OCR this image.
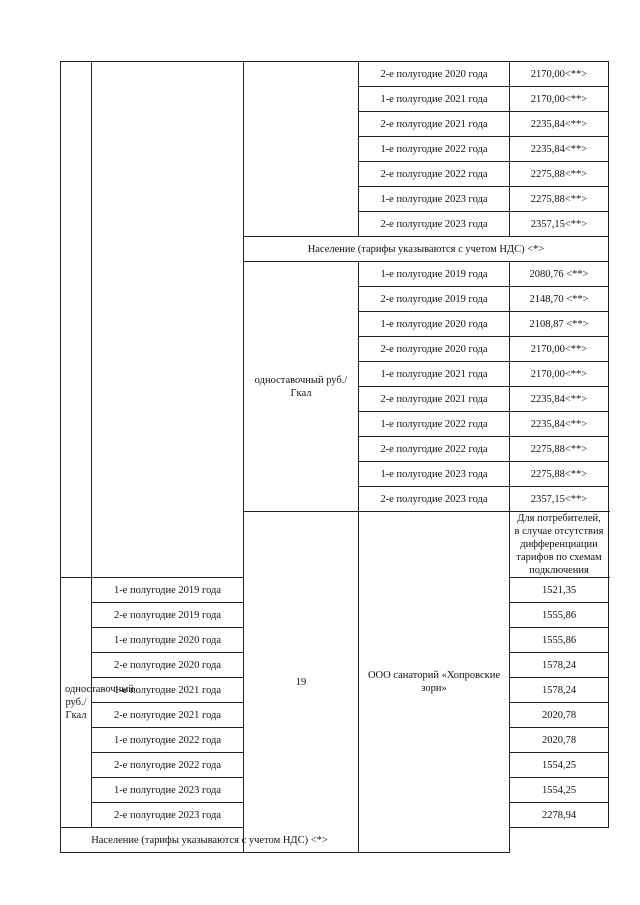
			2-е полугодие 2020 года	2170,00<**>
			1-е полугодие 2021 года	2170,00<**>
			2-е полугодие 2021 года	2235,84<**>
			1-е полугодие 2022 года	2235,84<**>
			2-е полугодие 2022 года	2275,88<**>
			1-е полугодие 2023 года	2275,88<**>
			2-е полугодие 2023 года	2357,15<**>
		Население (тарифы указываются с учетом НДС) <*>		
		одноставочный руб./Гкал	1-е полугодие 2019 года	2080,76 <**>
			2-е полугодие 2019 года	2148,70 <**>
			1-е полугодие 2020 года	2108,87 <**>
			2-е полугодие 2020 года	2170,00<**>
			1-е полугодие 2021 года	2170,00<**>
			2-е полугодие 2021 года	2235,84<**>
			1-е полугодие 2022 года	2235,84<**>
			2-е полугодие 2022 года	2275,88<**>
			1-е полугодие 2023 года	2275,88<**>
			2-е полугодие 2023 года	2357,15<**>
		19	ООО санаторий «Хопровские зори»	Для потребителей, в случае отсутствия дифференциации тарифов по схемам подключения
одноставочный руб./Гкал	1-е полугодие 2019 года			1521,35
	2-е полугодие 2019 года			1555,86
	1-е полугодие 2020 года			1555,86
	2-е полугодие 2020 года			1578,24
	1-е полугодие 2021 года			1578,24
	2-е полугодие 2021 года			2020,78
	1-е полугодие 2022 года			2020,78
	2-е полугодие 2022 года			1554,25
	1-е полугодие 2023 года			1554,25
	2-е полугодие 2023 года			2278,94
Население (тарифы указываются с учетом НДС) <*>				
